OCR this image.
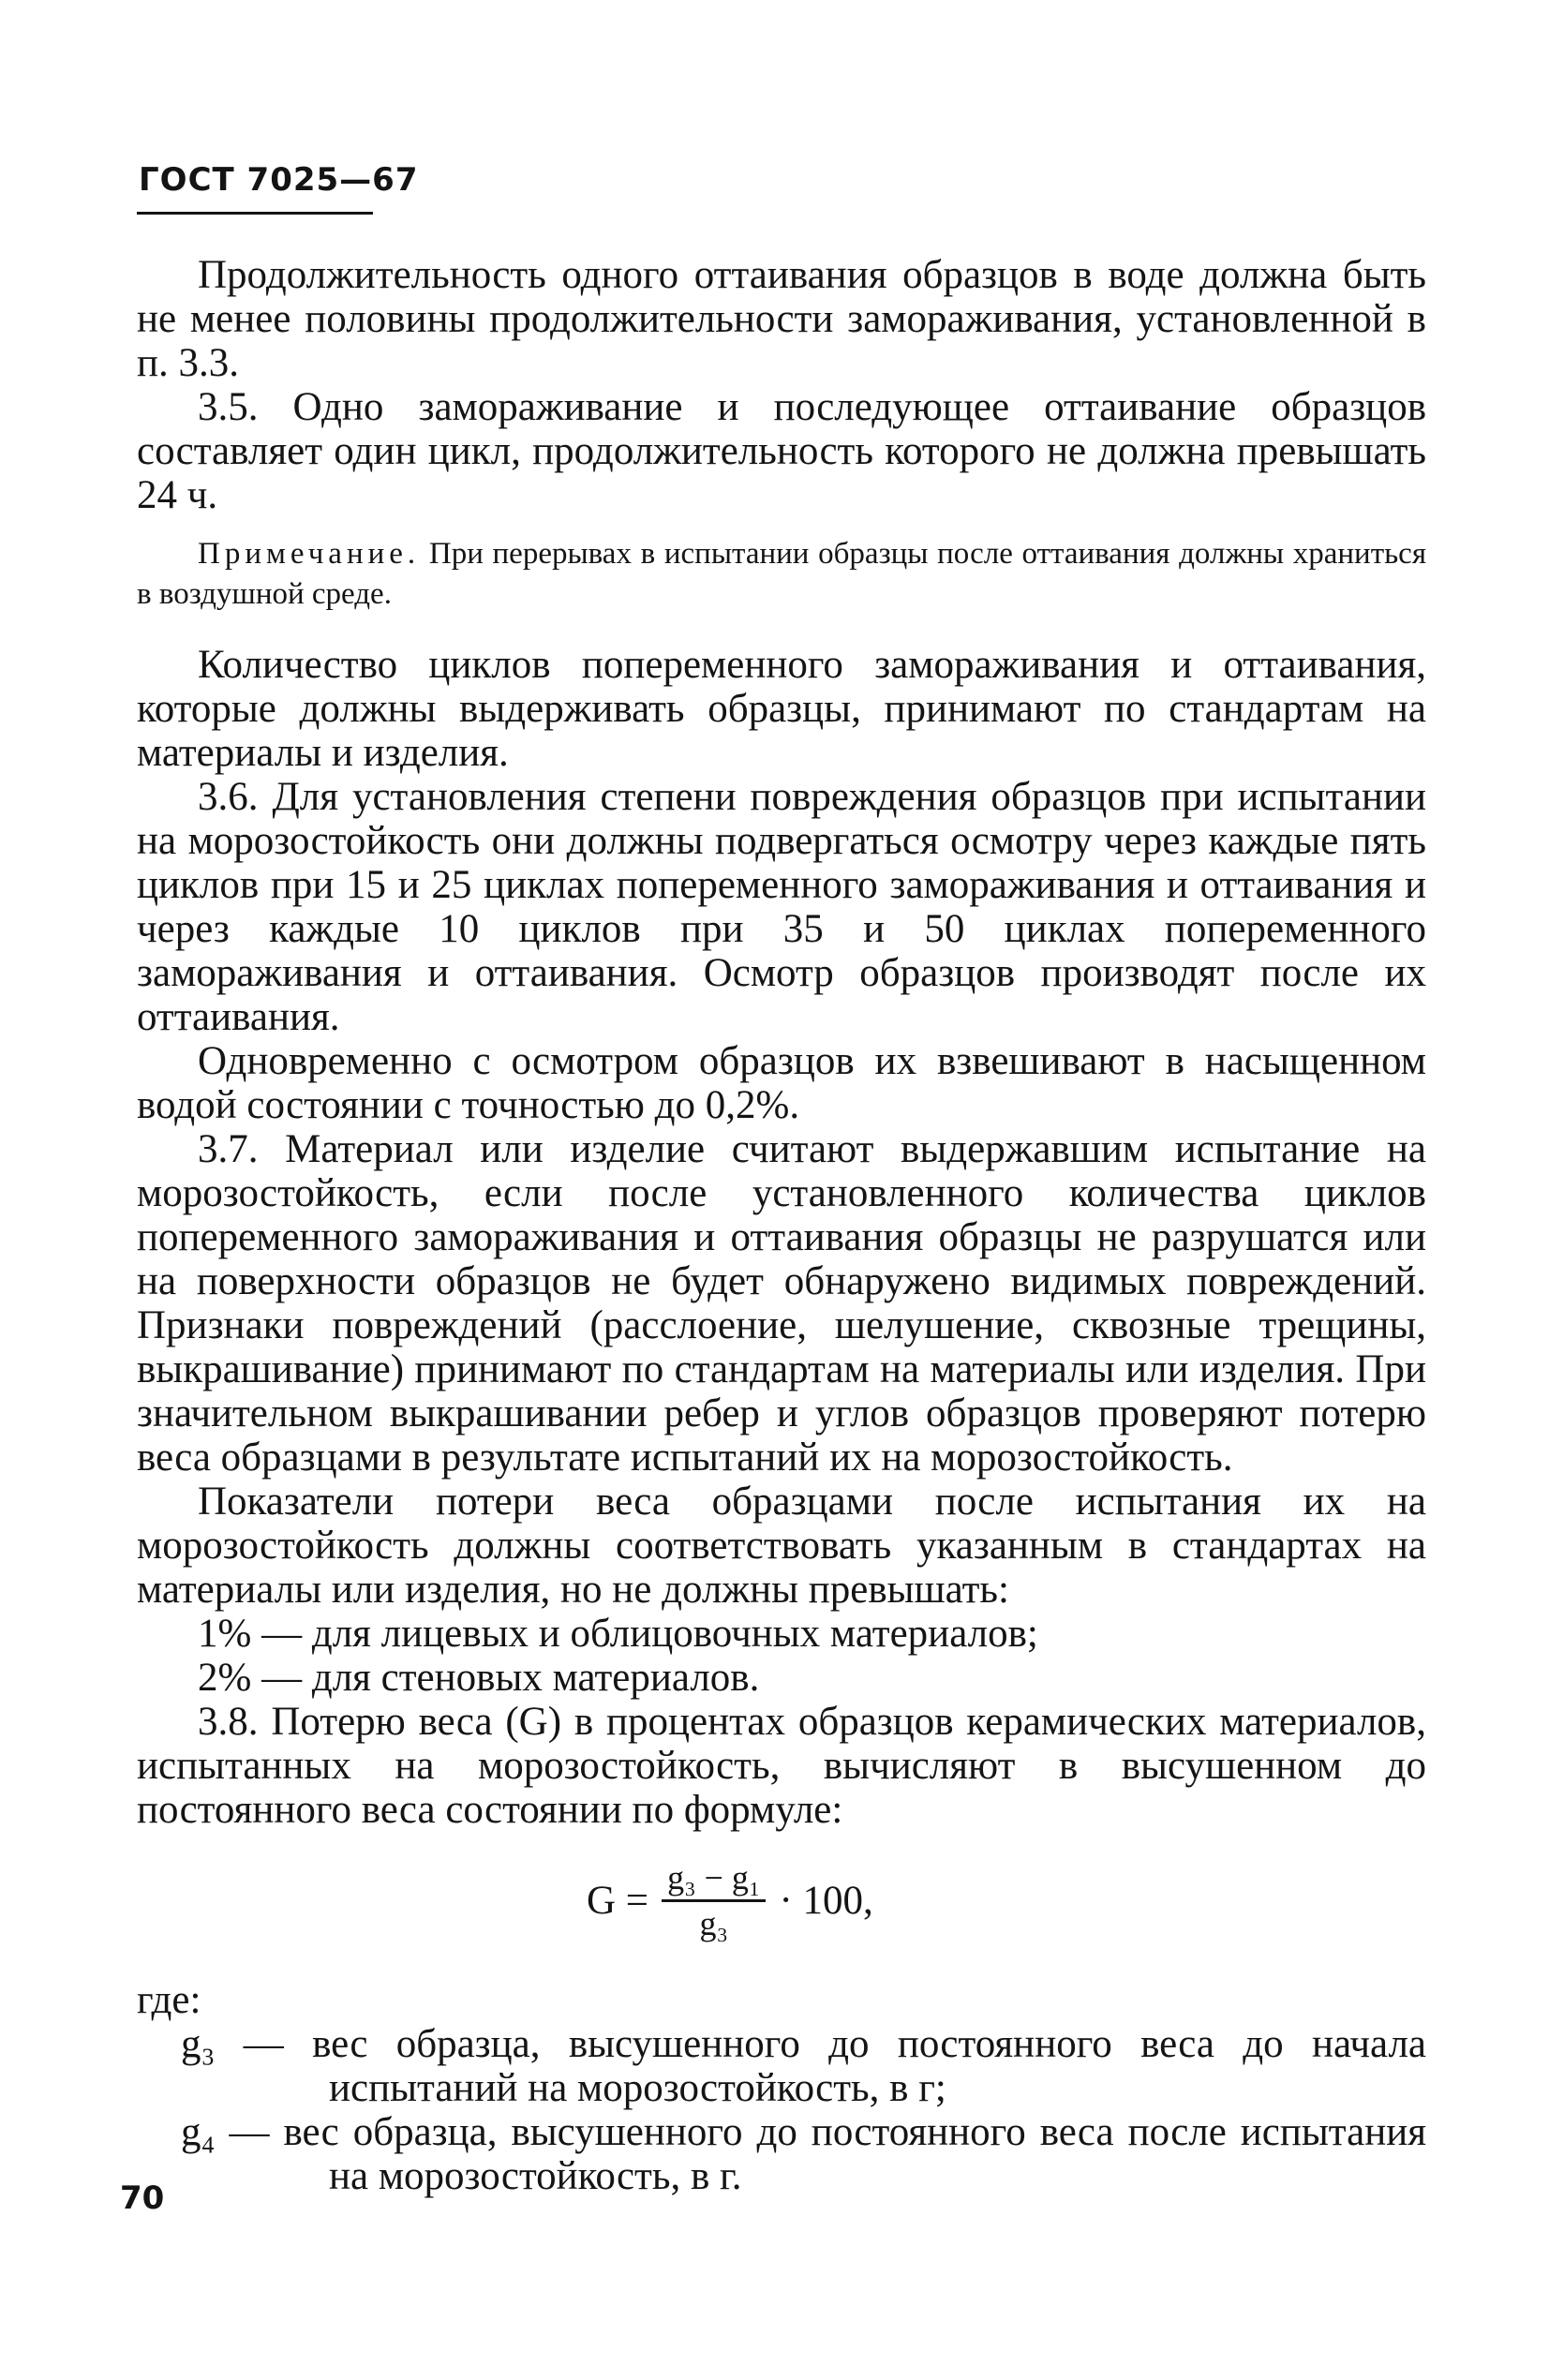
ГОСТ 7025—67

Продолжительность одного оттаивания образцов в воде должна быть не менее половины продолжительности замораживания, установленной в п. 3.3.

3.5. Одно замораживание и последующее оттаивание образцов составляет один цикл, продолжительность которого не должна превышать 24 ч.

Примечание. При перерывах в испытании образцы после оттаивания должны храниться в воздушной среде.

Количество циклов попеременного замораживания и оттаивания, которые должны выдерживать образцы, принимают по стандартам на материалы и изделия.

3.6. Для установления степени повреждения образцов при испытании на морозостойкость они должны подвергаться осмотру через каждые пять циклов при 15 и 25 циклах попеременного замораживания и оттаивания и через каждые 10 циклов при 35 и 50 циклах попеременного замораживания и оттаивания. Осмотр образцов производят после их оттаивания.

Одновременно с осмотром образцов их взвешивают в насыщенном водой состоянии с точностью до 0,2%.

3.7. Материал или изделие считают выдержавшим испытание на морозостойкость, если после установленного количества циклов попеременного замораживания и оттаивания образцы не разрушатся или на поверхности образцов не будет обнаружено видимых повреждений. Признаки повреждений (расслоение, шелушение, сквозные трещины, выкрашивание) принимают по стандартам на материалы или изделия. При значительном выкрашивании ребер и углов образцов проверяют потерю веса образцами в результате испытаний их на морозостойкость.

Показатели потери веса образцами после испытания их на морозостойкость должны соответствовать указанным в стандартах на материалы или изделия, но не должны превышать:

1% — для лицевых и облицовочных материалов;

2% — для стеновых материалов.

3.8. Потерю веса (G) в процентах образцов керамических материалов, испытанных на морозостойкость, вычисляют в высушенном до постоянного веса состоянии по формуле:

$G = \frac{\text{g₃ − g₁}}{\text{g₃}} \cdot 100$,

где:

g₃ — вес образца, высушенного до постоянного веса до начала испытаний на морозостойкость, в г;

g₄ — вес образца, высушенного до постоянного веса после испытания на морозостойкость, в г.

70
